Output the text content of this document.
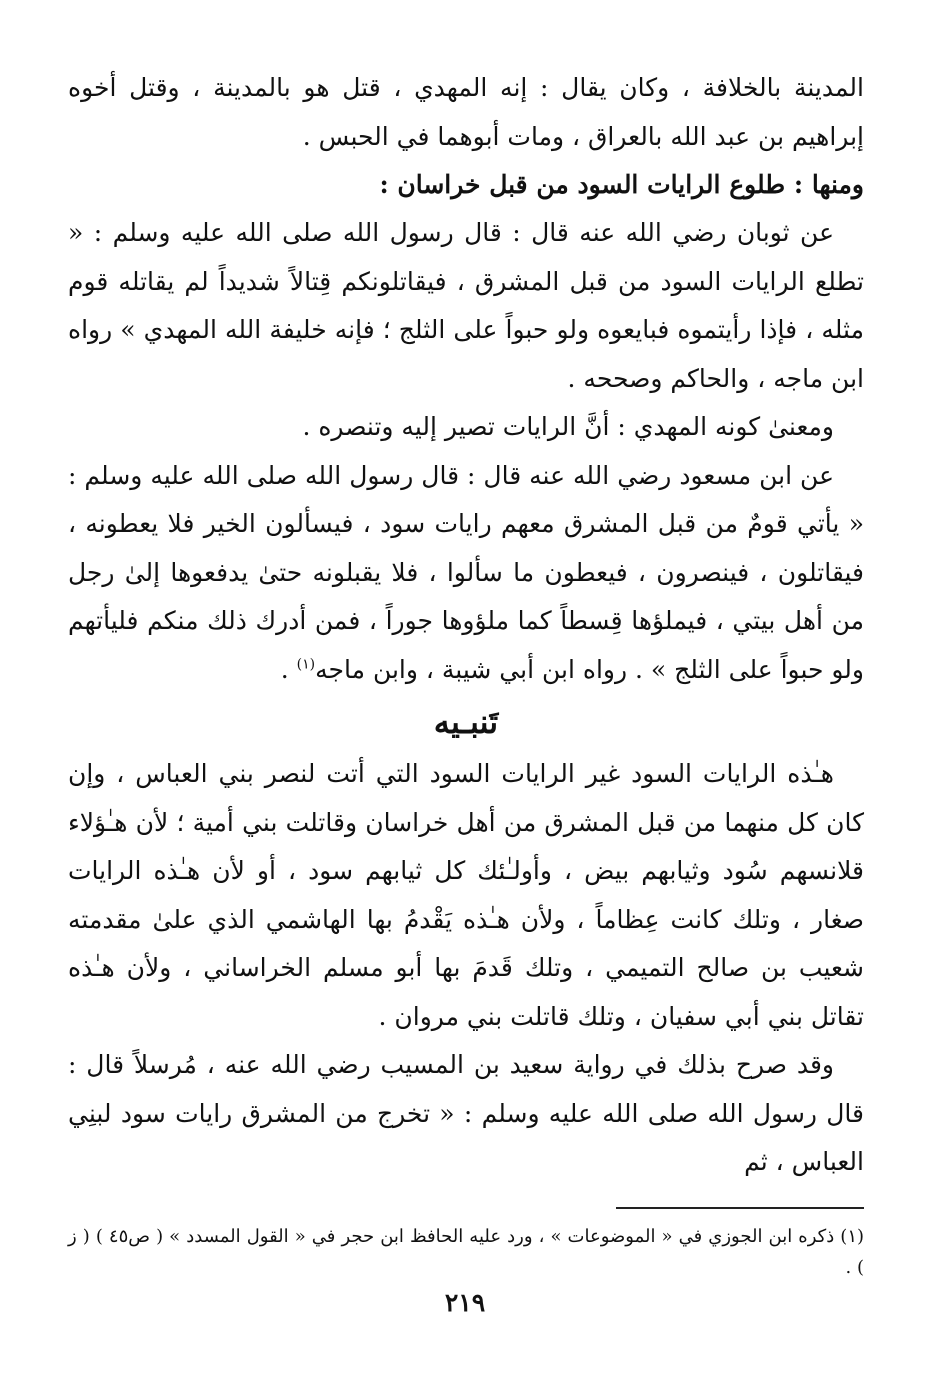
المدينة بالخلافة ، وكان يقال : إنه المهدي ، قتل هو بالمدينة ، وقتل أخوه إبراهيم بن عبد الله بالعراق ، ومات أبوهما في الحبس .

ومنها : طلوع الرايات السود من قبل خراسان :

عن ثوبان رضي الله عنه قال : قال رسول الله صلى الله عليه وسلم : « تطلع الرايات السود من قبل المشرق ، فيقاتلونكم قِتالاً شديداً لم يقاتله قوم مثله ، فإذا رأيتموه فبايعوه ولو حبواً على الثلج ؛ فإنه خليفة الله المهدي » رواه ابن ماجه ، والحاكم وصححه .

ومعنىٰ كونه المهدي : أنَّ الرايات تصير إليه وتنصره .

عن ابن مسعود رضي الله عنه قال : قال رسول الله صلى الله عليه وسلم : « يأتي قومٌ من قبل المشرق معهم رايات سود ، فيسألون الخير فلا يعطونه ، فيقاتلون ، فينصرون ، فيعطون ما سألوا ، فلا يقبلونه حتىٰ يدفعوها إلىٰ رجل من أهل بيتي ، فيملؤها قِسطاً كما ملؤوها جوراً ، فمن أدرك ذلك منكم فليأتهم ولو حبواً على الثلج » . رواه ابن أبي شيبة ، وابن ماجه$^{(١)}$ .

تَنبـيه

هـٰذه الرايات السود غير الرايات السود التي أتت لنصر بني العباس ، وإن كان كل منهما من قبل المشرق من أهل خراسان وقاتلت بني أمية ؛ لأن هـٰؤلاء قلانسهم سُود وثيابهم بيض ، وأولـٰئك كل ثيابهم سود ، أو لأن هـٰذه الرايات صغار ، وتلك كانت عِظاماً ، ولأن هـٰذه يَقْدمُ بها الهاشمي الذي علىٰ مقدمته شعيب بن صالح التميمي ، وتلك قَدمَ بها أبو مسلم الخراساني ، ولأن هـٰذه تقاتل بني أبي سفيان ، وتلك قاتلت بني مروان .

وقد صرح بذلك في رواية سعيد بن المسيب رضي الله عنه ، مُرسلاً قال : قال رسول الله صلى الله عليه وسلم : « تخرج من المشرق رايات سود لبنِي العباس ، ثم

(١) ذكره ابن الجوزي في « الموضوعات » ، ورد عليه الحافظ ابن حجر في « القول المسدد » ( ص٤٥ ) ( ز ) .

٢١٩
